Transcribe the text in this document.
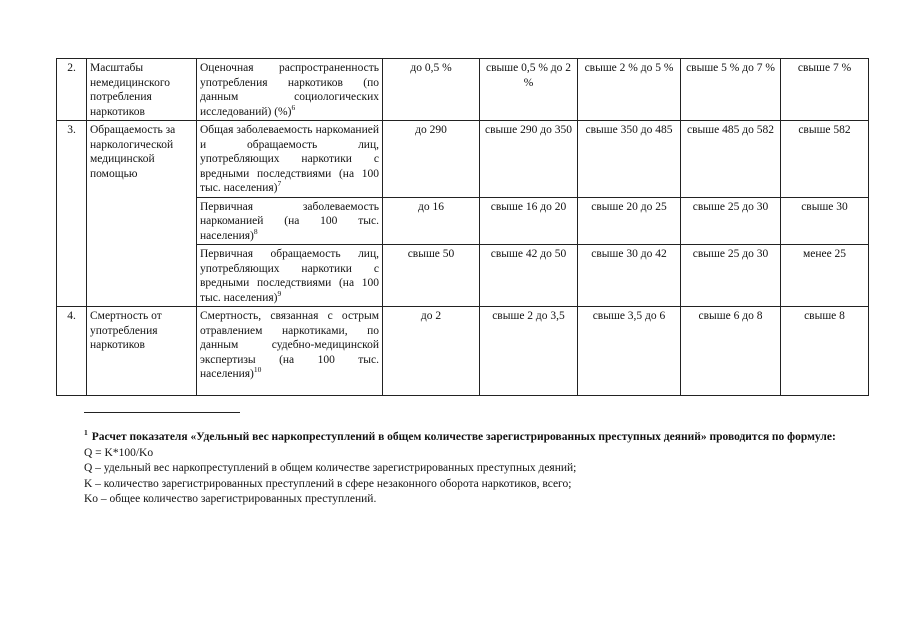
2.	Масштабы немедицинского потребления наркотиков	Оценочная распространенность употребления наркотиков (по данным социологических исследований) (%)$^6$	до 0,5 %	свыше 0,5 % до 2 %	свыше 2 % до 5 %	свыше 5 % до 7 %	свыше 7 %
3.	Обращаемость за наркологической медицинской помощью	Общая заболеваемость наркоманией и обращаемость лиц, употребляющих наркотики с вредными последствиями (на 100 тыс. населения)$^7$	до 290	свыше 290 до 350	свыше 350 до 485	свыше 485 до 582	свыше 582
		Первичная заболеваемость наркоманией (на 100 тыс. населения)$^8$	до 16	свыше 16 до 20	свыше 20 до 25	свыше 25 до 30	свыше 30
		Первичная обращаемость лиц, употребляющих наркотики с вредными последствиями (на 100 тыс. населения)$^9$	свыше 50	свыше 42 до 50	свыше 30 до 42	свыше 25 до 30	менее 25
4.	Смертность от употребления наркотиков	Смертность, связанная с острым отравлением наркотиками, по данным судебно-медицинской экспертизы (на 100 тыс. населения)$^{10}$	до 2	свыше 2 до 3,5	свыше 3,5 до 6	свыше 6 до 8	свыше 8
$^1$ Расчет показателя «Удельный вес наркопреступлений в общем количестве зарегистрированных преступных деяний» проводится по формуле:
Q = K*100/Ko
Q – удельный вес наркопреступлений в общем количестве зарегистрированных преступных деяний;
K – количество зарегистрированных преступлений в сфере незаконного оборота наркотиков, всего;
Ko – общее количество зарегистрированных преступлений.
